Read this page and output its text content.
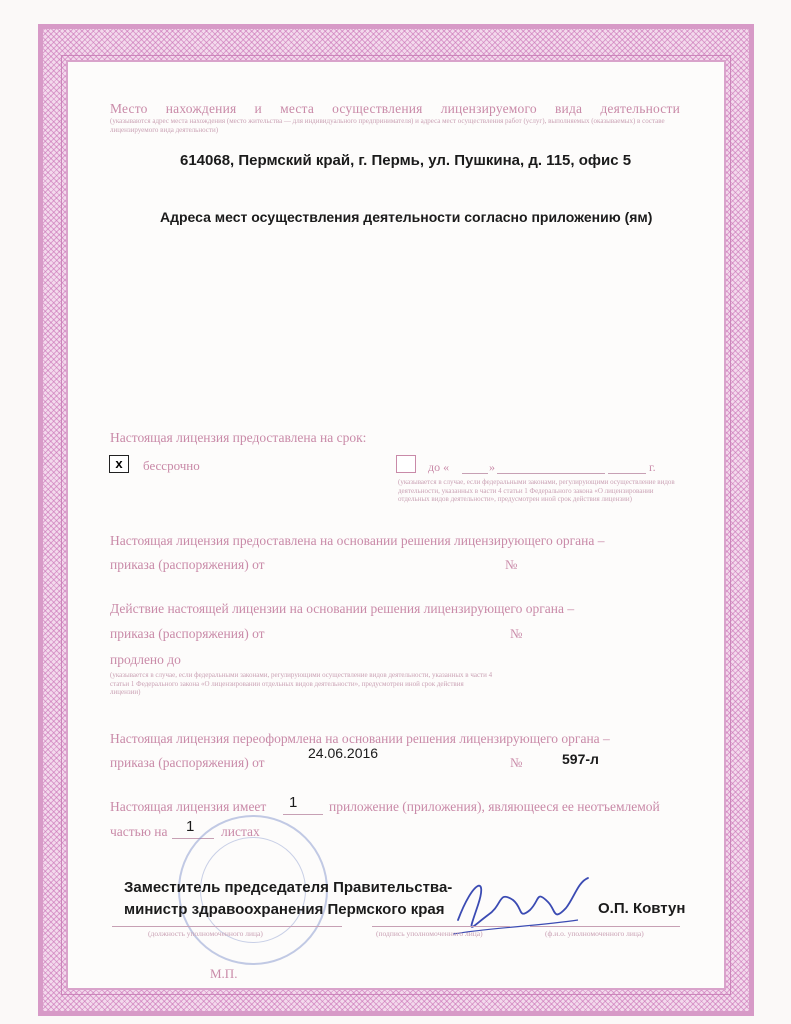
Место нахождения и места осуществления лицензируемого вида деятельности
(указываются адрес места нахождения (место жительства — для индивидуального предпринимателя) и адреса мест осуществления работ (услуг), выполняемых (оказываемых) в составе лицензируемого вида деятельности)
614068, Пермский край, г. Пермь, ул. Пушкина, д. 115, офис 5
Адреса мест осуществления деятельности согласно приложению (ям)
Настоящая лицензия предоставлена на срок:
x	бессрочно	до «	»	г.
(указывается в случае, если федеральными законами, регулирующими осуществление видов деятельности, указанных в части 4 статьи 1 Федерального закона «О лицензировании отдельных видов деятельности», предусмотрен иной срок действия лицензии)
Настоящая лицензия предоставлена на основании решения лицензирующего органа –
приказа (распоряжения) от	№
Действие настоящей лицензии на основании решения лицензирующего органа –
приказа (распоряжения) от	№
продлено до
(указывается в случае, если федеральными законами, регулирующими осуществление видов деятельности, указанных в части 4 статьи 1 Федерального закона «О лицензировании отдельных видов деятельности», предусмотрен иной срок действия лицензии)
Настоящая лицензия переоформлена на основании решения лицензирующего органа –
приказа (распоряжения) от
24.06.2016
№	597-л
Настоящая лицензия имеет 1 приложение (приложения), являющееся ее неотъемлемой
частью на 1 листах
Заместитель председателя Правительства-
министр здравоохранения Пермского края	О.П. Ковтун
(должность уполномоченного лица)	(подпись уполномоченного лица)	(ф.и.о. уполномоченного лица)
М.П.
